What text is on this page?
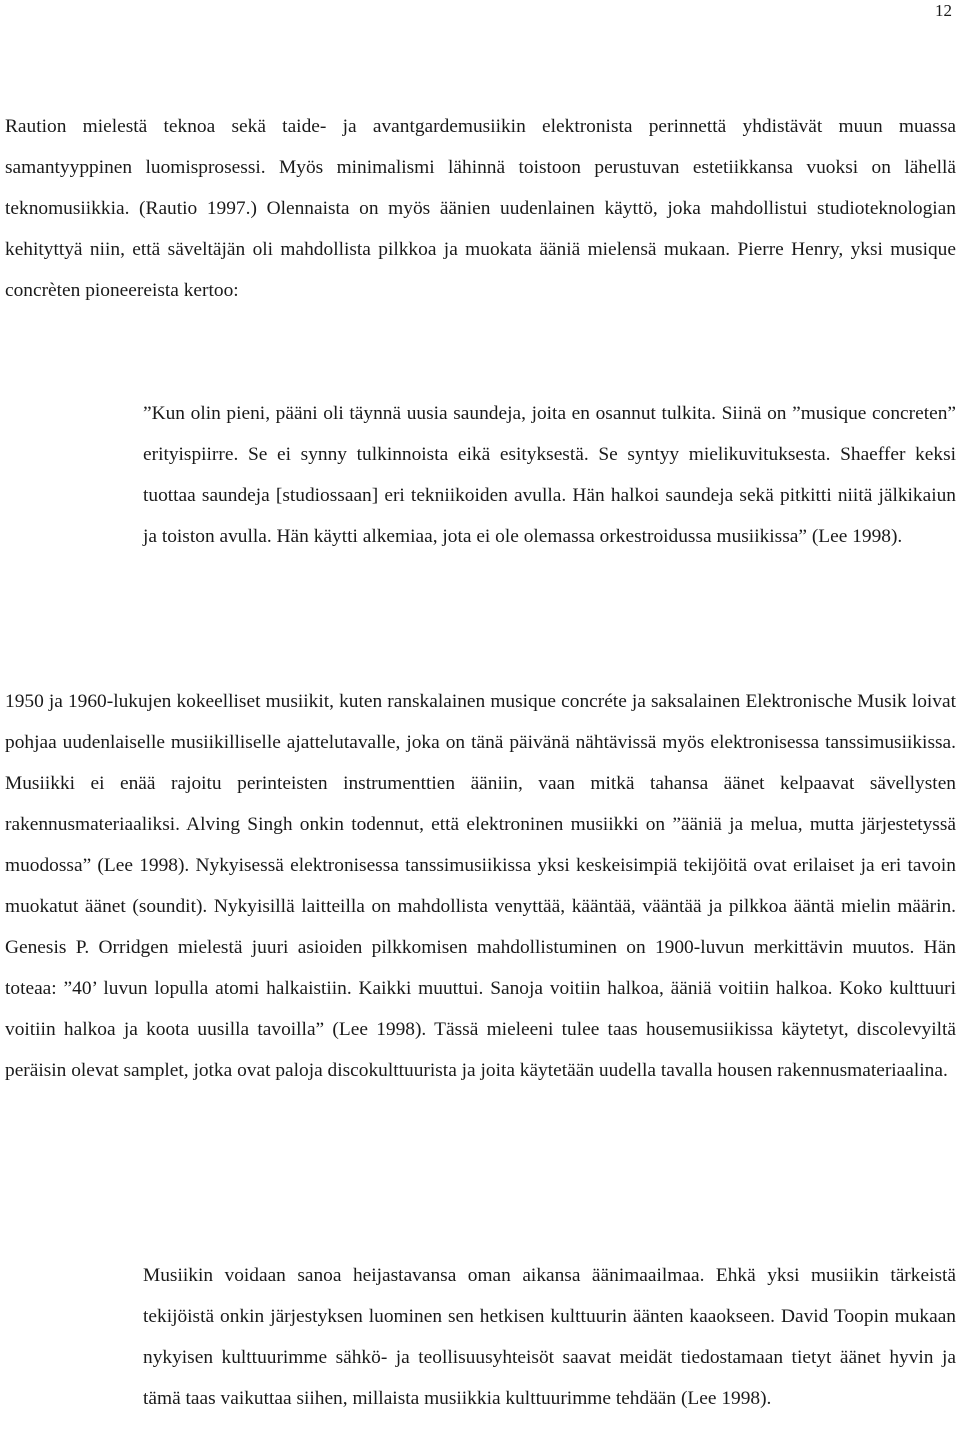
12

Raution mielestä teknoa sekä taide- ja avantgardemusiikin elektronista perinnettä yhdistävät muun muassa samantyyppinen luomisprosessi. Myös minimalismi lähinnä toistoon perustuvan estetiikkansa vuoksi on lähellä teknomusiikkia. (Rautio 1997.) Olennaista on myös äänien uudenlainen käyttö, joka mahdollistui studioteknologian kehityttyä niin, että säveltäjän oli mahdollista pilkkoa ja muokata ääniä mielensä mukaan. Pierre Henry, yksi musique concrèten pioneereista kertoo:

”Kun olin pieni, pääni oli täynnä uusia saundeja, joita en osannut tulkita. Siinä on ”musique concreten” erityispiirre. Se ei synny tulkinnoista eikä esityksestä. Se syntyy mielikuvituksesta. Shaeffer keksi tuottaa saundeja [studiossaan] eri tekniikoiden avulla. Hän halkoi saundeja sekä pitkitti niitä jälkikaiun ja toiston avulla. Hän käytti alkemiaa, jota ei ole olemassa orkestroidussa musiikissa” (Lee 1998).

1950 ja 1960-lukujen kokeelliset musiikit, kuten ranskalainen musique concréte ja saksalainen Elektronische Musik loivat pohjaa uudenlaiselle musiikilliselle ajattelutavalle, joka on tänä päivänä nähtävissä myös elektronisessa tanssimusiikissa. Musiikki ei enää rajoitu perinteisten instrumenttien ääniin, vaan mitkä tahansa äänet kelpaavat sävellysten rakennusmateriaaliksi. Alving Singh onkin todennut, että elektroninen musiikki on ”ääniä ja melua, mutta järjestetyssä muodossa” (Lee 1998). Nykyisessä elektronisessa tanssimusiikissa yksi keskeisimpiä tekijöitä ovat erilaiset ja eri tavoin muokatut äänet (soundit). Nykyisillä laitteilla on mahdollista venyttää, kääntää, vääntää ja pilkkoa ääntä mielin määrin. Genesis P. Orridgen mielestä juuri asioiden pilkkomisen mahdollistuminen on 1900-luvun merkittävin muutos. Hän toteaa: ”40’ luvun lopulla atomi halkaistiin. Kaikki muuttui. Sanoja voitiin halkoa, ääniä voitiin halkoa. Koko kulttuuri voitiin halkoa ja koota uusilla tavoilla” (Lee 1998). Tässä mieleeni tulee taas housemusiikissa käytetyt, discolevyiltä peräisin olevat samplet, jotka ovat paloja discokulttuurista ja joita käytetään uudella tavalla housen rakennusmateriaalina.

Musiikin voidaan sanoa heijastavansa oman aikansa äänimaailmaa. Ehkä yksi musiikin tärkeistä tekijöistä onkin järjestyksen luominen sen hetkisen kulttuurin äänten kaaokseen. David Toopin mukaan nykyisen kulttuurimme sähkö- ja teollisuusyhteisöt saavat meidät tiedostamaan tietyt äänet hyvin ja tämä taas vaikuttaa siihen, millaista musiikkia kulttuurimme tehdään (Lee 1998).
